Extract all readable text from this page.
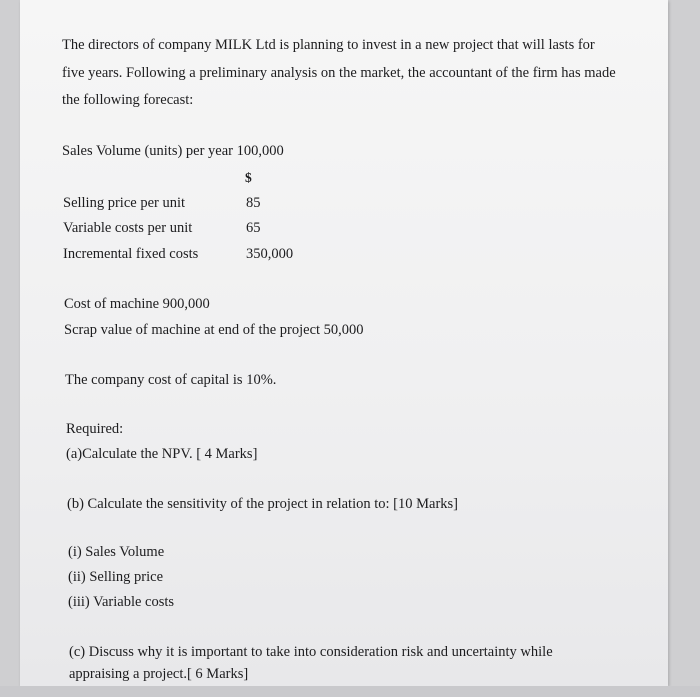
The directors of company MILK Ltd is planning to invest in a new project that will lasts for

five years. Following a preliminary analysis on the market, the accountant of the firm has made

the following forecast:

Sales Volume (units) per year 100,000

$

Selling price per unit	85

Variable costs per unit	65

Incremental fixed costs	350,000

Cost of machine 900,000

Scrap value of machine at end of the project 50,000

The company cost of capital is 10%.

Required:

(a)Calculate the NPV. [ 4 Marks]

(b) Calculate the sensitivity of the project in relation to: [10 Marks]

(i) Sales Volume

(ii) Selling price

(iii) Variable costs

(c) Discuss why it is important to take into consideration risk and uncertainty while

appraising a project.[ 6 Marks]
